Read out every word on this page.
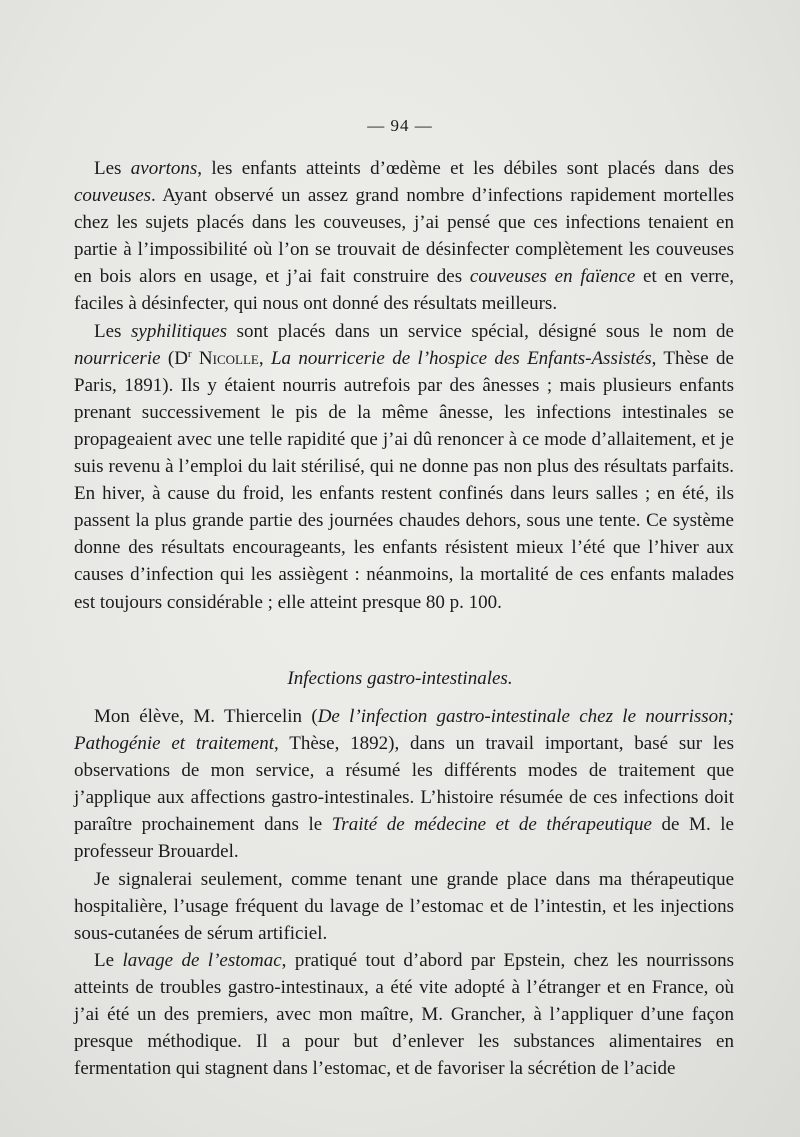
— 94 —

Les avortons, les enfants atteints d’œdème et les débiles sont placés dans des couveuses. Ayant observé un assez grand nombre d’infections rapidement mortelles chez les sujets placés dans les couveuses, j’ai pensé que ces infections tenaient en partie à l’impossibilité où l’on se trouvait de désinfecter complètement les couveuses en bois alors en usage, et j’ai fait construire des couveuses en faïence et en verre, faciles à désinfecter, qui nous ont donné des résultats meilleurs.

Les syphilitiques sont placés dans un service spécial, désigné sous le nom de nourricerie ($D^r$ Nicolle, La nourricerie de l’hospice des Enfants-Assistés, Thèse de Paris, 1891). Ils y étaient nourris autrefois par des ânesses ; mais plusieurs enfants prenant successivement le pis de la même ânesse, les infections intestinales se propageaient avec une telle rapidité que j’ai dû renoncer à ce mode d’allaitement, et je suis revenu à l’emploi du lait stérilisé, qui ne donne pas non plus des résultats parfaits. En hiver, à cause du froid, les enfants restent confinés dans leurs salles ; en été, ils passent la plus grande partie des journées chaudes dehors, sous une tente. Ce système donne des résultats encourageants, les enfants résistent mieux l’été que l’hiver aux causes d’infection qui les assiègent : néanmoins, la mortalité de ces enfants malades est toujours considérable ; elle atteint presque 80 p. 100.

Infections gastro-intestinales.

Mon élève, M. Thiercelin (De l’infection gastro-intestinale chez le nourrisson; Pathogénie et traitement, Thèse, 1892), dans un travail important, basé sur les observations de mon service, a résumé les différents modes de traitement que j’applique aux affections gastro-intestinales. L’histoire résumée de ces infections doit paraître prochainement dans le Traité de médecine et de thérapeutique de M. le professeur Brouardel.

Je signalerai seulement, comme tenant une grande place dans ma thérapeutique hospitalière, l’usage fréquent du lavage de l’estomac et de l’intestin, et les injections sous-cutanées de sérum artificiel.

Le lavage de l’estomac, pratiqué tout d’abord par Epstein, chez les nourrissons atteints de troubles gastro-intestinaux, a été vite adopté à l’étranger et en France, où j’ai été un des premiers, avec mon maître, M. Grancher, à l’appliquer d’une façon presque méthodique. Il a pour but d’enlever les substances alimentaires en fermentation qui stagnent dans l’estomac, et de favoriser la sécrétion de l’acide
